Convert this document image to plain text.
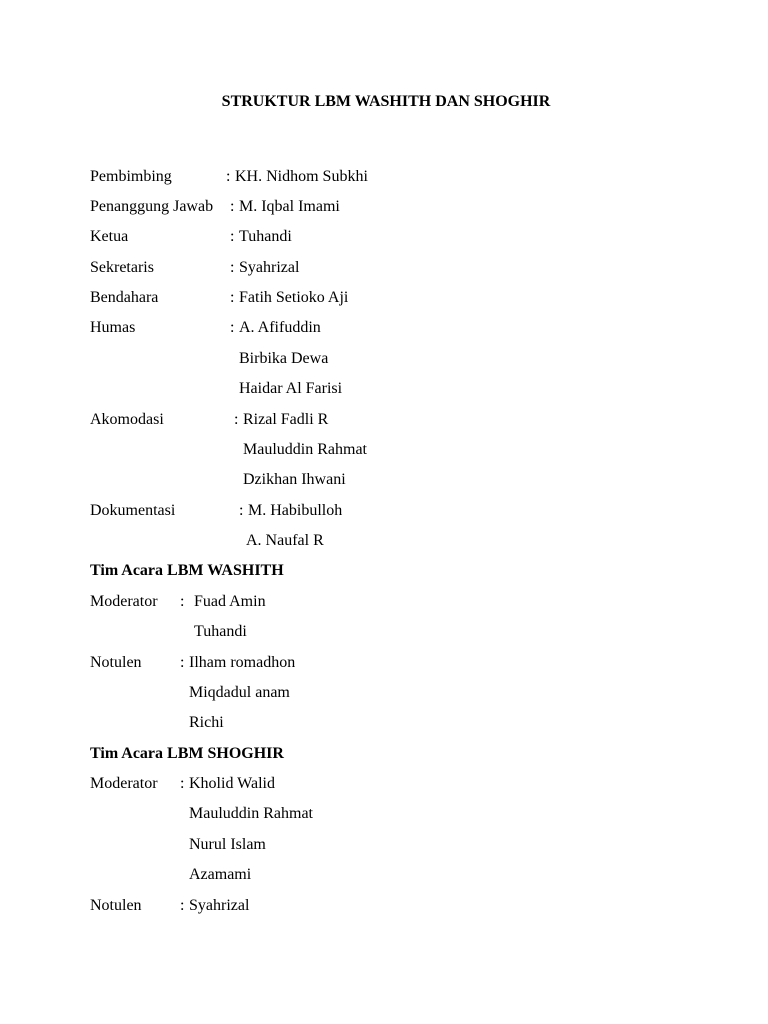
STRUKTUR LBM WASHITH DAN SHOGHIR
Pembimbing	: KH. Nidhom Subkhi
Penanggung Jawab : M. Iqbal Imami
Ketua	: Tuhandi
Sekretaris	: Syahrizal
Bendahara	: Fatih Setioko Aji
Humas	: A. Afifuddin
Birbika Dewa
Haidar Al Farisi
Akomodasi	: Rizal Fadli R
Mauluddin Rahmat
Dzikhan Ihwani
Dokumentasi	: M. Habibulloh
A. Naufal R
Tim Acara LBM WASHITH
Moderator : Fuad Amin
Tuhandi
Notulen : Ilham romadhon
Miqdadul anam
Richi
Tim Acara LBM SHOGHIR
Moderator : Kholid Walid
Mauluddin Rahmat
Nurul Islam
Azamami
Notulen : Syahrizal
